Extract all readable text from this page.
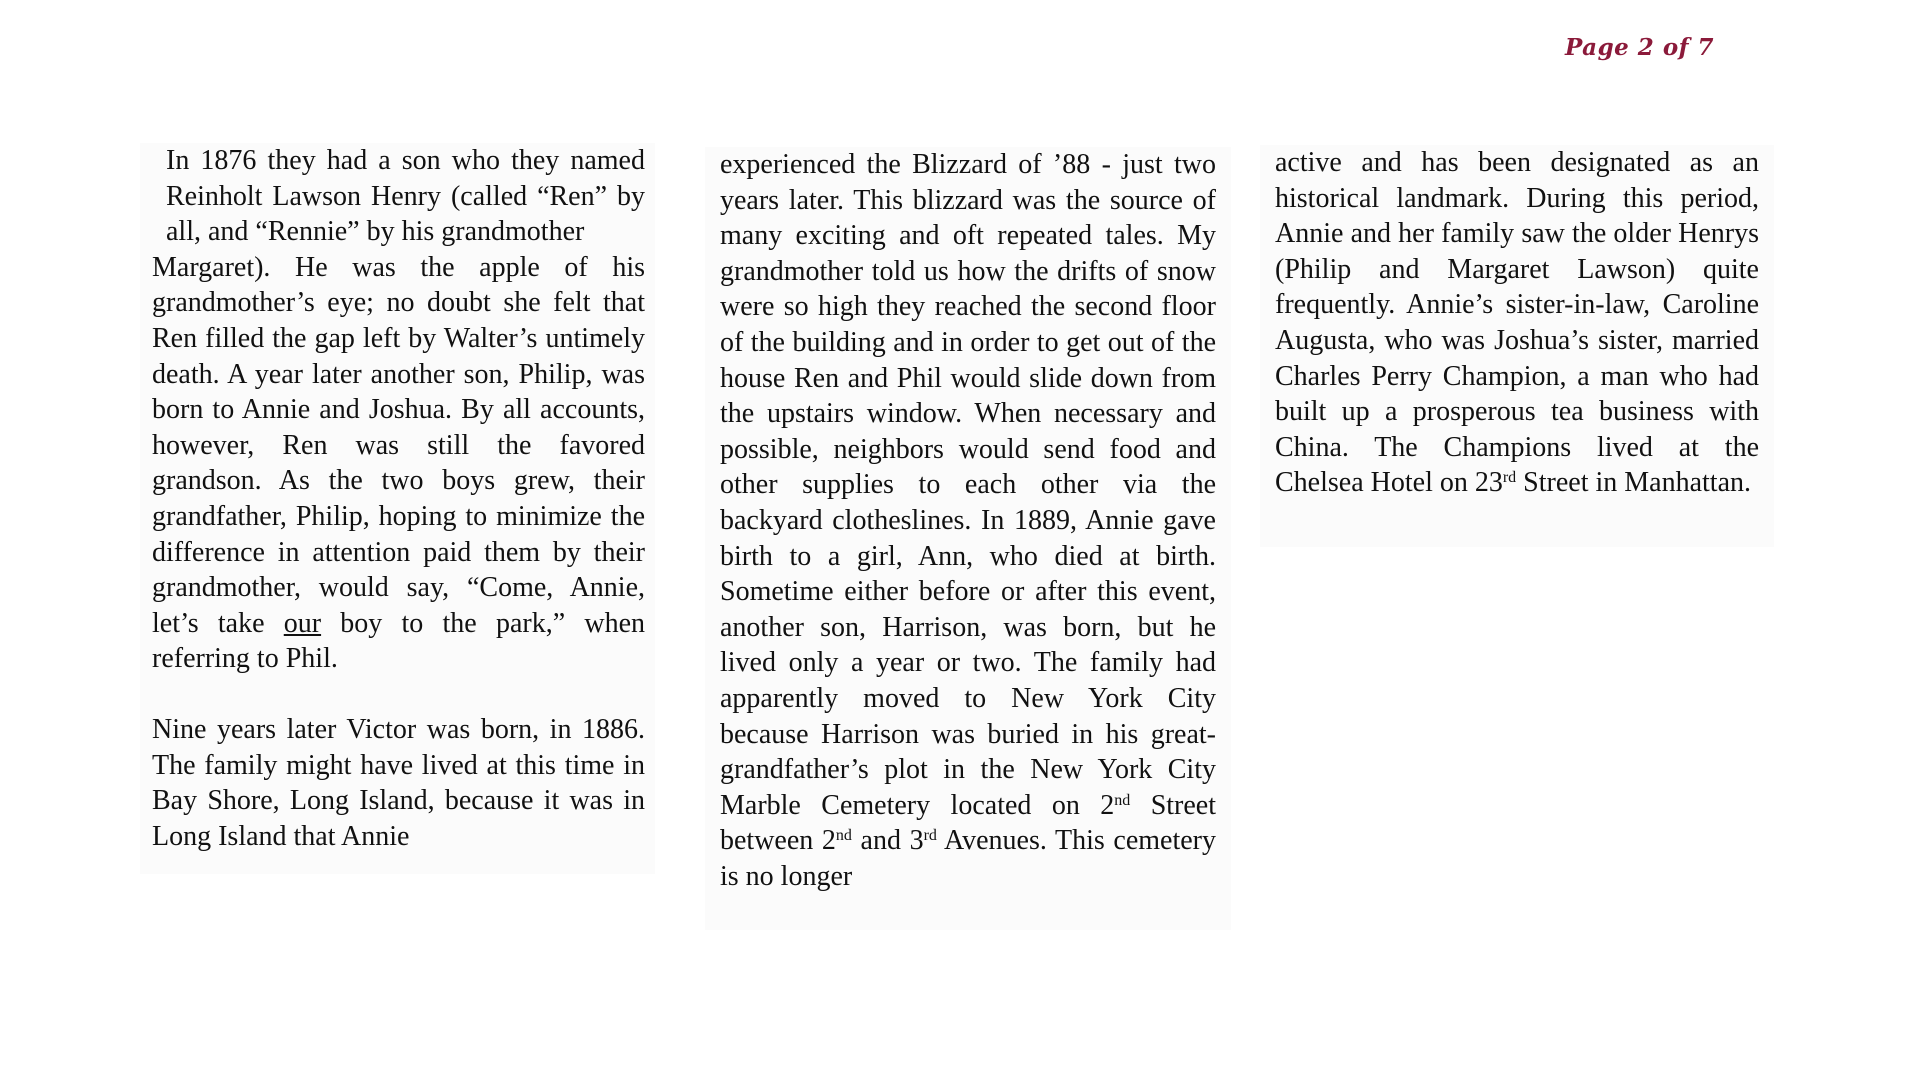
Page 2 of 7

In 1876 they had a son who they named Reinholt Lawson Henry (called “Ren” by all, and “Rennie” by his grandmother

Margaret). He was the apple of his grandmother’s eye; no doubt she felt that Ren filled the gap left by Walter’s untimely death. A year later another son, Philip, was born to Annie and Joshua. By all accounts, however, Ren was still the favored grandson. As the two boys grew, their grandfather, Philip, hoping to minimize the difference in attention paid them by their grandmother, would say, “Come, Annie, let’s take our boy to the park,” when referring to Phil.

Nine years later Victor was born, in 1886. The family might have lived at this time in Bay Shore, Long Island, because it was in Long Island that Annie

experienced the Blizzard of ’88 - just two years later. This blizzard was the source of many exciting and oft repeated tales. My grandmother told us how the drifts of snow were so high they reached the second floor of the building and in order to get out of the house Ren and Phil would slide down from the upstairs window. When necessary and possible, neighbors would send food and other supplies to each other via the backyard clotheslines. In 1889, Annie gave birth to a girl, Ann, who died at birth. Sometime either before or after this event, another son, Harrison, was born, but he lived only a year or two. The family had apparently moved to New York City because Harrison was buried in his great-grandfather’s plot in the New York City Marble Cemetery located on 2nd Street between 2nd and 3rd Avenues. This cemetery is no longer

active and has been designated as an historical landmark. During this period, Annie and her family saw the older Henrys (Philip and Margaret Lawson) quite frequently. Annie’s sister-in-law, Caroline Augusta, who was Joshua’s sister, married Charles Perry Champion, a man who had built up a prosperous tea business with China. The Champions lived at the Chelsea Hotel on 23rd Street in Manhattan.
